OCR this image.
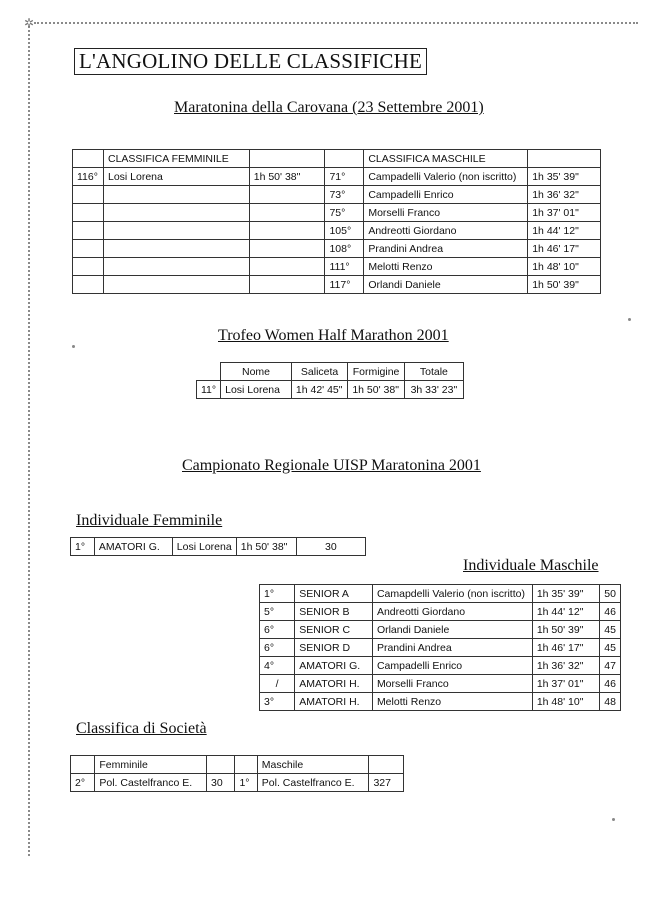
✲
L'ANGOLINO DELLE CLASSIFICHE
Maratonina della Carovana (23 Settembre 2001)
	CLASSIFICA FEMMINILE			CLASSIFICA MASCHILE	
116°	Losi Lorena	1h 50' 38"	71°	Campadelli Valerio (non iscritto)	1h 35' 39"
			73°	Campadelli Enrico	1h 36' 32"
			75°	Morselli Franco	1h 37' 01"
			105°	Andreotti Giordano	1h 44' 12"
			108°	Prandini Andrea	1h 46' 17"
			111°	Melotti Renzo	1h 48' 10"
			117°	Orlandi Daniele	1h 50' 39"
Trofeo Women Half Marathon 2001
	Nome	Saliceta	Formigine	Totale
11°	Losi Lorena	1h 42' 45"	1h 50' 38"	3h 33' 23"
Campionato Regionale UISP Maratonina 2001
Individuale Femminile
1°	AMATORI G.	Losi Lorena	1h 50' 38"	30
Individuale Maschile
1°	SENIOR A	Camapdelli Valerio (non iscritto)	1h 35' 39"	50
5°	SENIOR B	Andreotti Giordano	1h 44' 12"	46
6°	SENIOR C	Orlandi Daniele	1h 50' 39"	45
6°	SENIOR D	Prandini Andrea	1h 46' 17"	45
4°	AMATORI G.	Campadelli Enrico	1h 36' 32"	47
/	AMATORI H.	Morselli Franco	1h 37' 01"	46
3°	AMATORI H.	Melotti Renzo	1h 48' 10"	48
Classifica di Società
	Femminile			Maschile	
2°	Pol. Castelfranco E.	30	1°	Pol. Castelfranco E.	327
